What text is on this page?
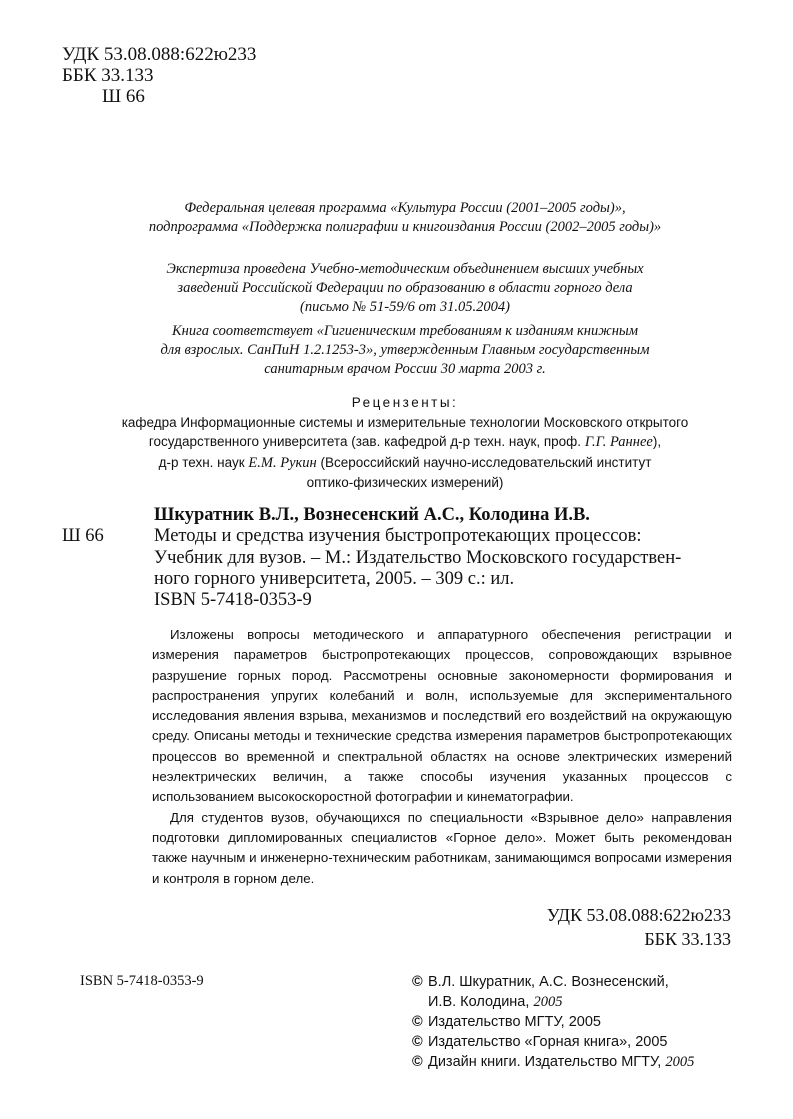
УДК 53.08.088:622ю233
ББК 33.133
Ш 66
Федеральная целевая программа «Культура России (2001–2005 годы)»,
подпрограмма «Поддержка полиграфии и книгоиздания России (2002–2005 годы)»
Экспертиза проведена Учебно-методическим объединением высших учебных
заведений Российской Федерации по образованию в области горного дела
(письмо № 51-59/6 от 31.05.2004)
Книга соответствует «Гигиеническим требованиям к изданиям книжным
для взрослых. СанПиН 1.2.1253-3», утвержденным Главным государственным
санитарным врачом России 30 марта 2003 г.
Рецензенты:
кафедра Информационные системы и измерительные технологии Московского открытого
государственного университета (зав. кафедрой д-р техн. наук, проф. Г.Г. Раннее),
д-р техн. наук Е.М. Рукин (Всероссийский научно-исследовательский институт
оптико-физических измерений)
Ш 66
Шкуратник В.Л., Вознесенский А.С., Колодина И.В.
Методы и средства изучения быстропротекающих процессов:
Учебник для вузов. – М.: Издательство Московского государствен-
ного горного университета, 2005. – 309 с.: ил.
ISBN 5-7418-0353-9

Изложены вопросы методического и аппаратурного обеспечения регистрации и измерения параметров быстропротекающих процессов, сопровождающих взрывное разрушение горных пород. Рассмотрены основные закономерности формирования и распространения упругих колебаний и волн, используемые для экспериментального исследования явления взрыва, механизмов и последствий его воздействий на окружающую среду. Описаны методы и технические средства измерения параметров быстропротекающих процессов во временной и спектральной областях на основе электрических измерений неэлектрических величин, а также способы изучения указанных процессов с использованием высокоскоростной фотографии и кинематографии.

Для студентов вузов, обучающихся по специальности «Взрывное дело» направления подготовки дипломированных специалистов «Горное дело». Может быть рекомендован также научным и инженерно-техническим работникам, занимающимся вопросами измерения и контроля в горном деле.

УДК 53.08.088:622ю233
ББК 33.133
ISBN 5-7418-0353-9	© В.Л. Шкуратник, А.С. Вознесенский,
И.В. Колодина, 2005
© Издательство МГТУ, 2005
© Издательство «Горная книга», 2005
© Дизайн книги. Издательство МГТУ, 2005
